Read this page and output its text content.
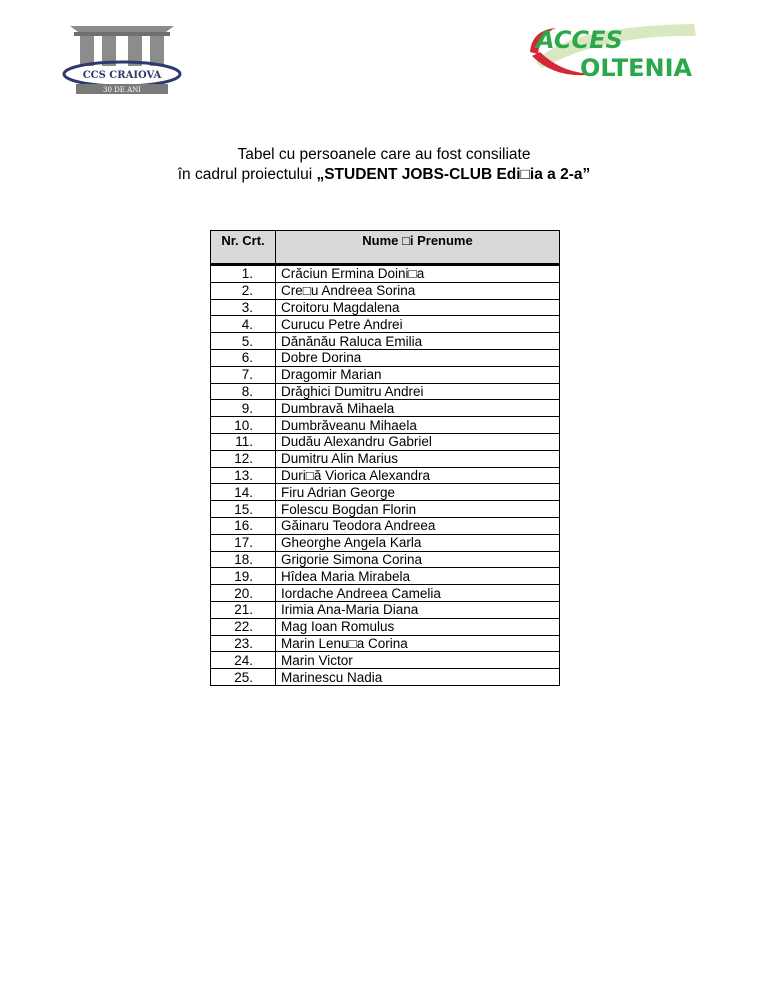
CCS CRAIOVA
30 DE ANI
ACCES
OLTENIA
Tabel cu persoanele care au fost consiliate
în cadrul proiectului „STUDENT JOBS-CLUB Edi□ia a 2-a”
Nr. Crt.	Nume □i Prenume

1.	Crăciun Ermina Doini□a
2.	Cre□u Andreea Sorina
3.	Croitoru Magdalena
4.	Curucu Petre Andrei
5.	Dănănău Raluca Emilia
6.	Dobre Dorina
7.	Dragomir Marian
8.	Drăghici Dumitru Andrei
9.	Dumbravă Mihaela
10.	Dumbrăveanu Mihaela
11.	Dudău Alexandru Gabriel
12.	Dumitru Alin Marius
13.	Duri□ă Viorica Alexandra
14.	Firu Adrian George
15.	Folescu Bogdan Florin
16.	Găinaru Teodora Andreea
17.	Gheorghe Angela Karla
18.	Grigorie Simona Corina
19.	Hîdea Maria Mirabela
20.	Iordache Andreea Camelia
21.	Irimia Ana-Maria Diana
22.	Mag Ioan Romulus
23.	Marin Lenu□a Corina
24.	Marin Victor
25.	Marinescu Nadia
